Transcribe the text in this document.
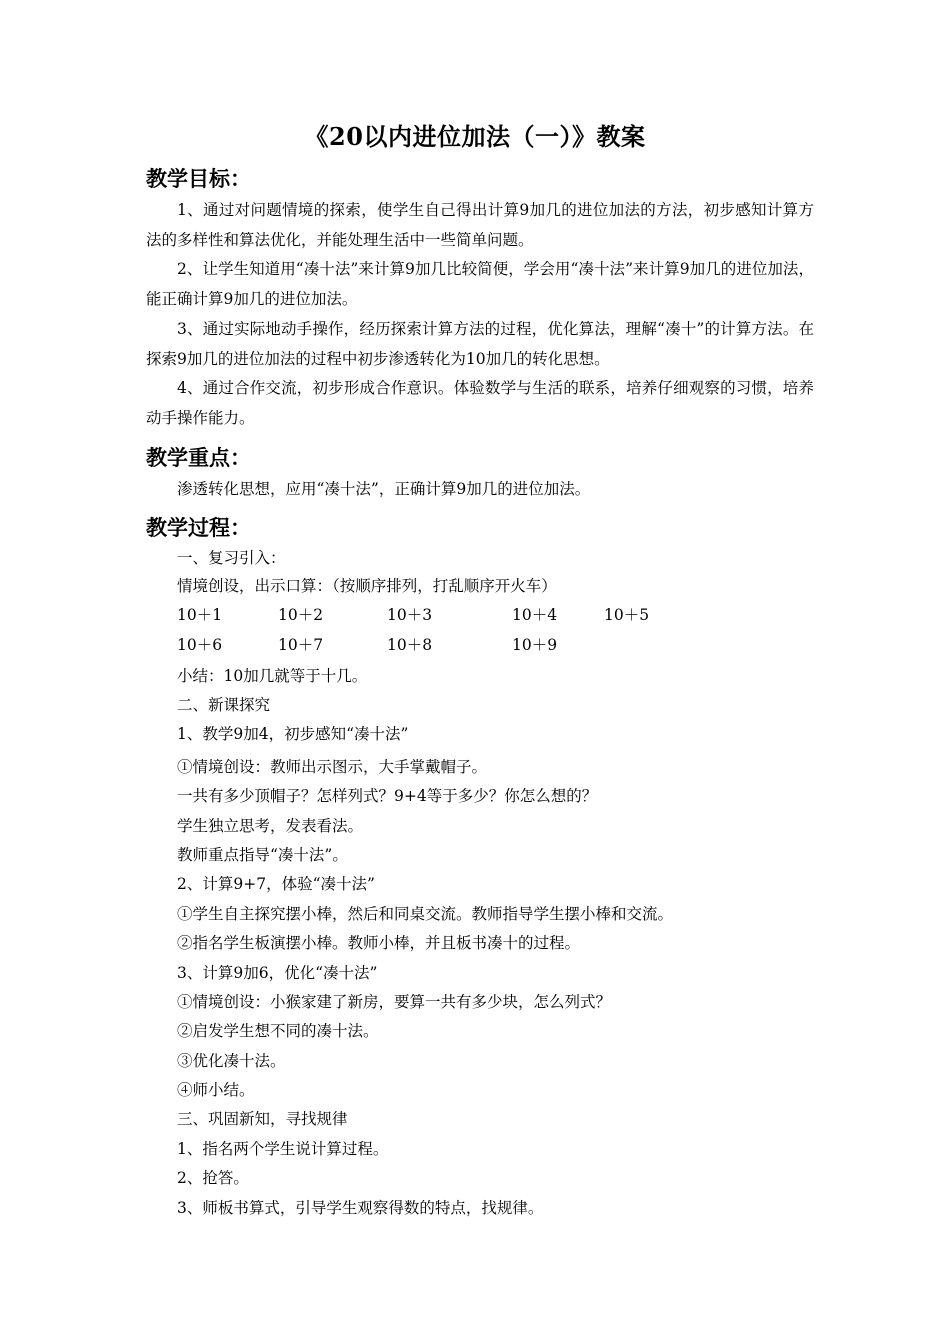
《20以内进位加法（一）》教案
教学目标：
1、通过对问题情境的探索，使学生自己得出计算9加几的进位加法的方法，初步感知计算方法的多样性和算法优化，并能处理生活中一些简单问题。
2、让学生知道用“凑十法”来计算9加几比较简便，学会用“凑十法”来计算9加几的进位加法，能正确计算9加几的进位加法。
3、通过实际地动手操作，经历探索计算方法的过程，优化算法，理解“凑十”的计算方法。在探索9加几的进位加法的过程中初步渗透转化为10加几的转化思想。
4、通过合作交流，初步形成合作意识。体验数学与生活的联系，培养仔细观察的习惯，培养动手操作能力。
教学重点：
渗透转化思想，应用“凑十法”，正确计算9加几的进位加法。
教学过程：
一、复习引入：
情境创设，出示口算：（按顺序排列，打乱顺序开火车）
10＋1	10＋2	10＋3	10＋4	10＋5
10＋6	10＋7	10＋8	10＋9
小结：10加几就等于十几。
二、新课探究
1、教学9加4，初步感知“凑十法”
①情境创设：教师出示图示，大手掌戴帽子。
一共有多少顶帽子？怎样列式？9+4等于多少？你怎么想的？
学生独立思考，发表看法。
教师重点指导“凑十法”。
2、计算9+7，体验“凑十法”
①学生自主探究摆小棒，然后和同桌交流。教师指导学生摆小棒和交流。
②指名学生板演摆小棒。教师小棒，并且板书凑十的过程。
3、计算9加6，优化“凑十法”
①情境创设：小猴家建了新房，要算一共有多少块，怎么列式？
②启发学生想不同的凑十法。
③优化凑十法。
④师小结。
三、巩固新知，寻找规律
1、指名两个学生说计算过程。
2、抢答。
3、师板书算式，引导学生观察得数的特点，找规律。
